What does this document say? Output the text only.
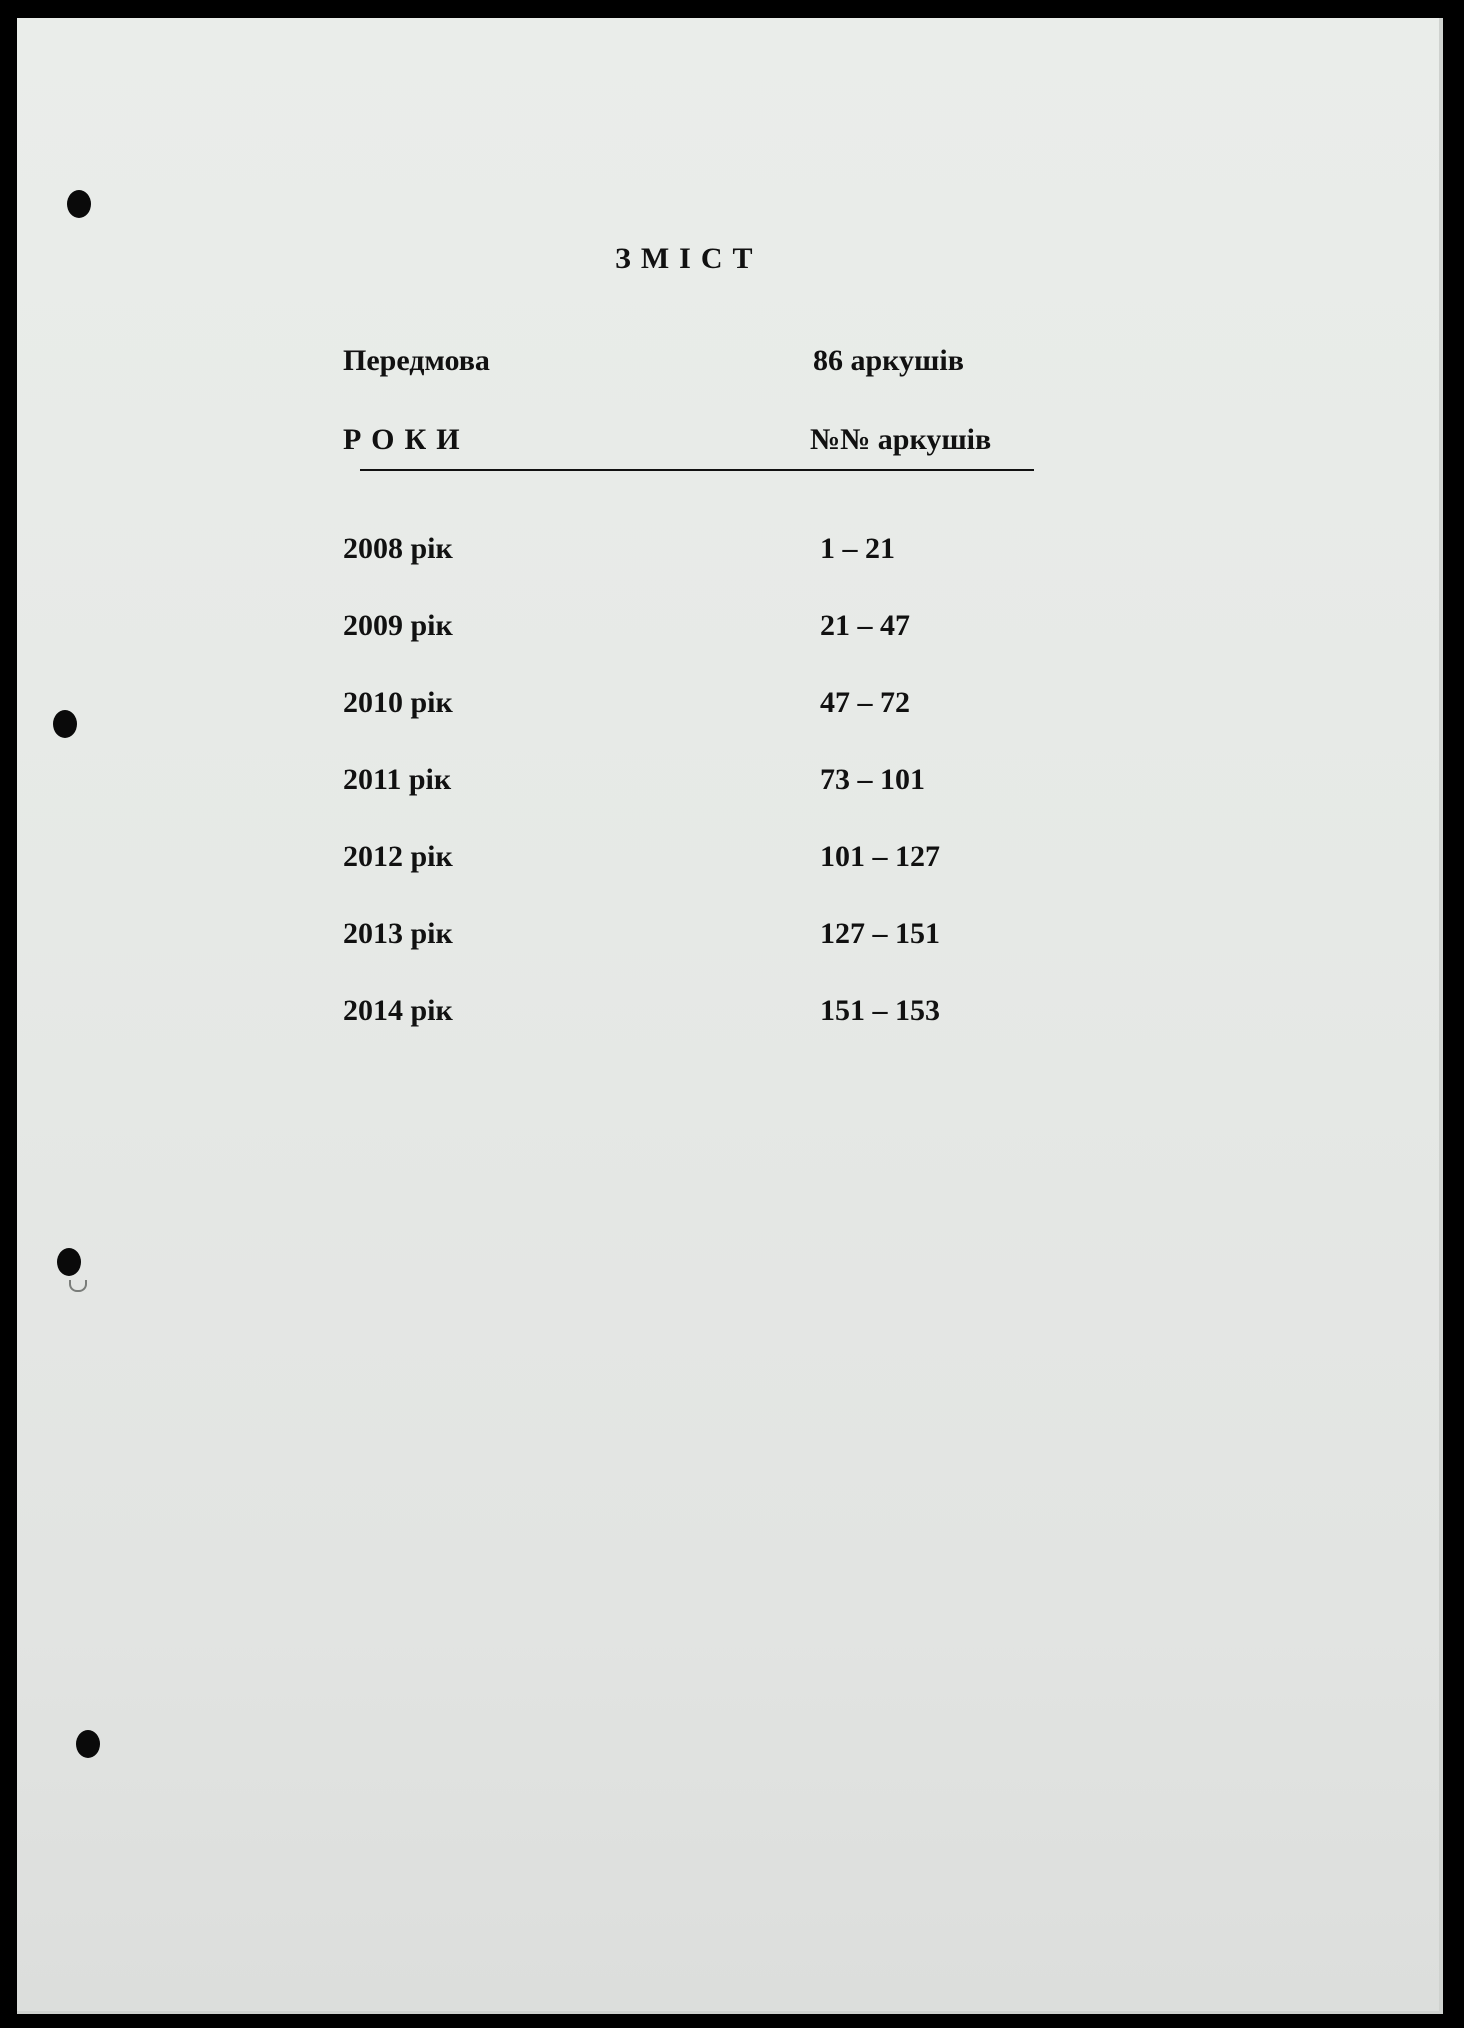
ЗМІСТ
Передмова	86 аркушів
РОКИ	№№ аркушів
2008 рік	1 – 21
2009 рік	21 – 47
2010 рік	47 – 72
2011 рік	73 – 101
2012 рік	101 – 127
2013 рік	127 – 151
2014 рік	151 – 153
